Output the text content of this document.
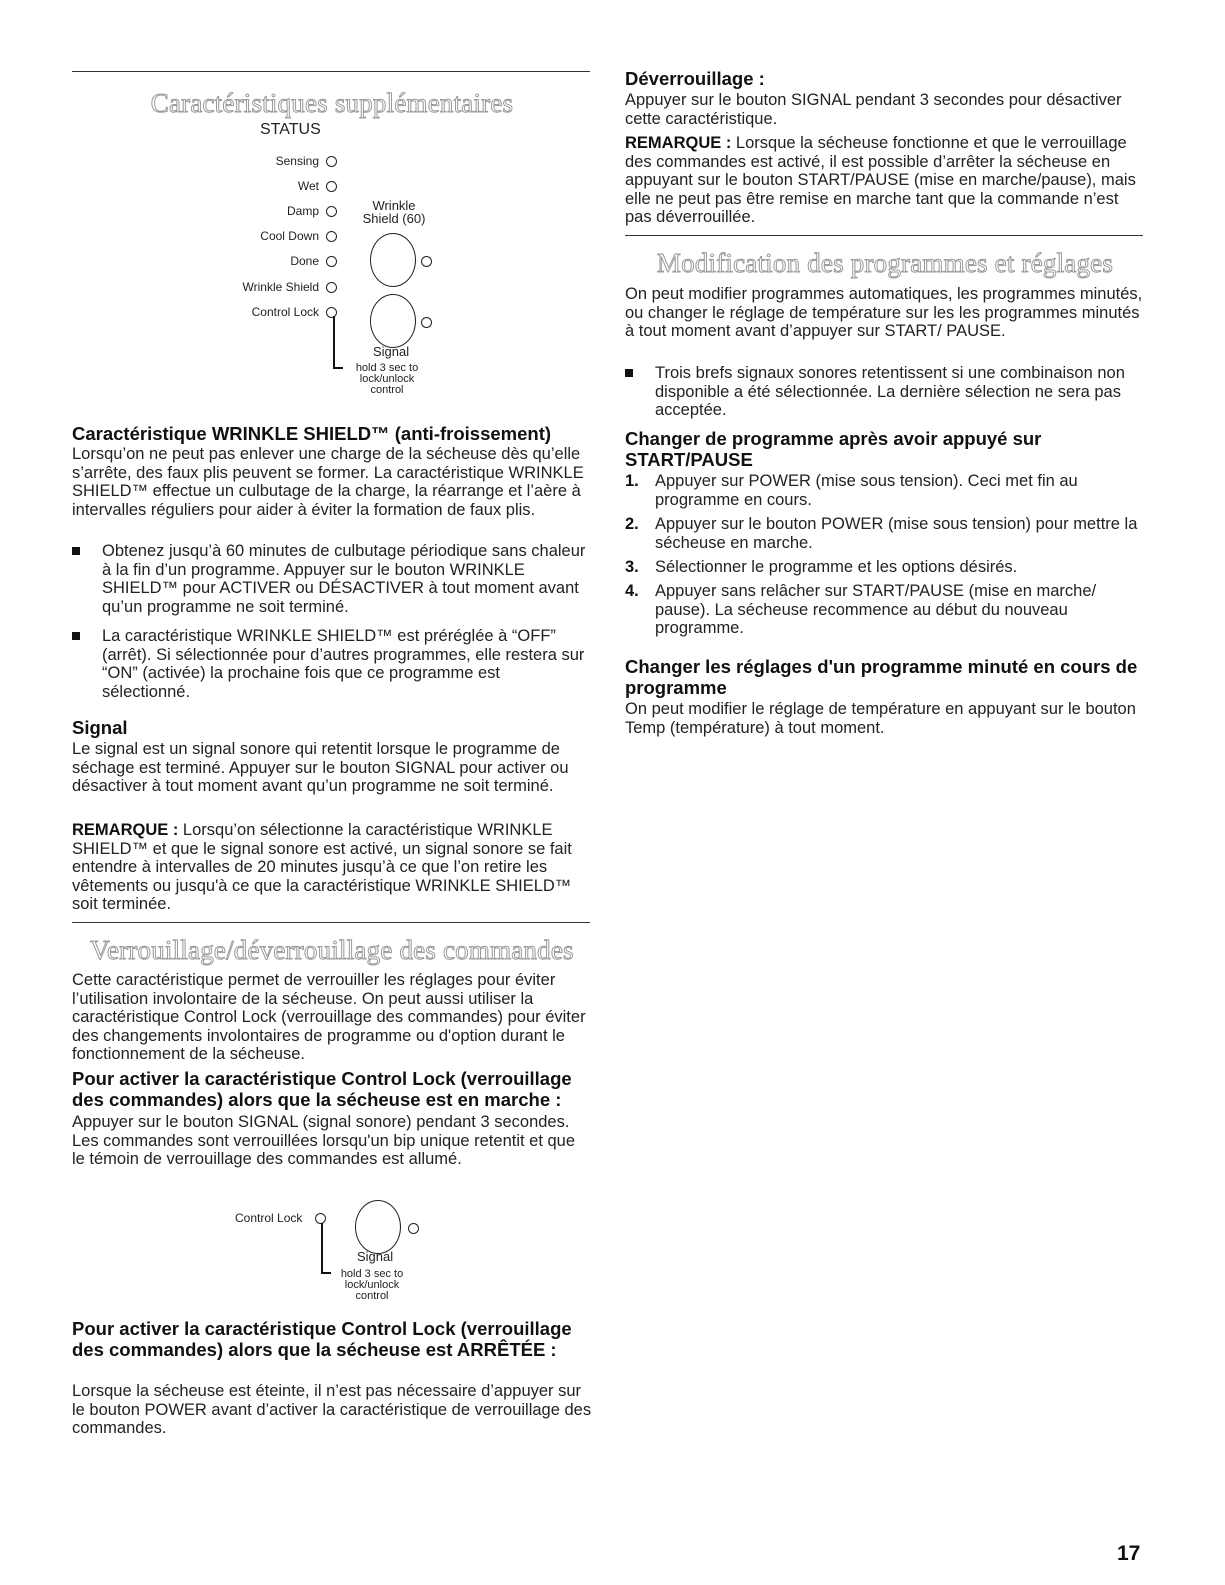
Caractéristiques supplémentaires
STATUS
Sensing
Wet
Damp
Cool Down
Done
Wrinkle Shield
Control Lock
Wrinkle
Shield (60)
Signal
hold 3 sec to
lock/unlock
control
Caractéristique WRINKLE SHIELD™ (anti-froissement)

Lorsqu’on ne peut pas enlever une charge de la sécheuse dès qu’elle s’arrête, des faux plis peuvent se former. La caractéristique WRINKLE SHIELD™ effectue un culbutage de la charge, la réarrange et l’aère à intervalles réguliers pour aider à éviter la formation de faux plis.

Obtenez jusqu’à 60 minutes de culbutage périodique sans chaleur à la fin d’un programme. Appuyer sur le bouton WRINKLE SHIELD™ pour ACTIVER ou DÉSACTIVER à tout moment avant qu’un programme ne soit terminé.
La caractéristique WRINKLE SHIELD™ est préréglée à “OFF” (arrêt). Si sélectionnée pour d’autres programmes, elle restera sur “ON” (activée) la prochaine fois que ce programme est sélectionné.
Signal

Le signal est un signal sonore qui retentit lorsque le programme de séchage est terminé. Appuyer sur le bouton SIGNAL pour activer ou désactiver à tout moment avant qu’un programme ne soit terminé.

REMARQUE : Lorsqu’on sélectionne la caractéristique WRINKLE SHIELD™ et que le signal sonore est activé, un signal sonore se fait entendre à intervalles de 20 minutes jusqu’à ce que l’on retire les vêtements ou jusqu'à ce que la caractéristique WRINKLE SHIELD™ soit terminée.

Verrouillage/déverrouillage des commandes

Cette caractéristique permet de verrouiller les réglages pour éviter l’utilisation involontaire de la sécheuse. On peut aussi utiliser la caractéristique Control Lock (verrouillage des commandes) pour éviter des changements involontaires de programme ou d'option durant le fonctionnement de la sécheuse.

Pour activer la caractéristique Control Lock (verrouillage des commandes) alors que la sécheuse est en marche :

Appuyer sur le bouton SIGNAL (signal sonore) pendant 3 secondes. Les commandes sont verrouillées lorsqu'un bip unique retentit et que le témoin de verrouillage des commandes est allumé.

Control Lock
Signal
hold 3 sec to
lock/unlock
control
Pour activer la caractéristique Control Lock (verrouillage des commandes) alors que la sécheuse est ARRÊTÉE :

Lorsque la sécheuse est éteinte, il n’est pas nécessaire d’appuyer sur le bouton POWER avant d’activer la caractéristique de verrouillage des commandes.

Déverrouillage :

Appuyer sur le bouton SIGNAL pendant 3 secondes pour désactiver cette caractéristique.

REMARQUE : Lorsque la sécheuse fonctionne et que le verrouillage des commandes est activé, il est possible d’arrêter la sécheuse en appuyant sur le bouton START/PAUSE (mise en marche/pause), mais elle ne peut pas être remise en marche tant que la commande n’est pas déverrouillée.

Modification des programmes et réglages

On peut modifier programmes automatiques, les programmes minutés, ou changer le réglage de température sur les les programmes minutés à tout moment avant d’appuyer sur START/ PAUSE.

Trois brefs signaux sonores retentissent si une combinaison non disponible a été sélectionnée. La dernière sélection ne sera pas acceptée.
Changer de programme après avoir appuyé sur START/PAUSE
1. Appuyer sur POWER (mise sous tension). Ceci met fin au programme en cours.
2. Appuyer sur le bouton POWER (mise sous tension) pour mettre la sécheuse en marche.
3. Sélectionner le programme et les options désirés.
4. Appuyer sans relâcher sur START/PAUSE (mise en marche/ pause). La sécheuse recommence au début du nouveau programme.
Changer les réglages d'un programme minuté en cours de programme

On peut modifier le réglage de température en appuyant sur le bouton Temp (température) à tout moment.

17
